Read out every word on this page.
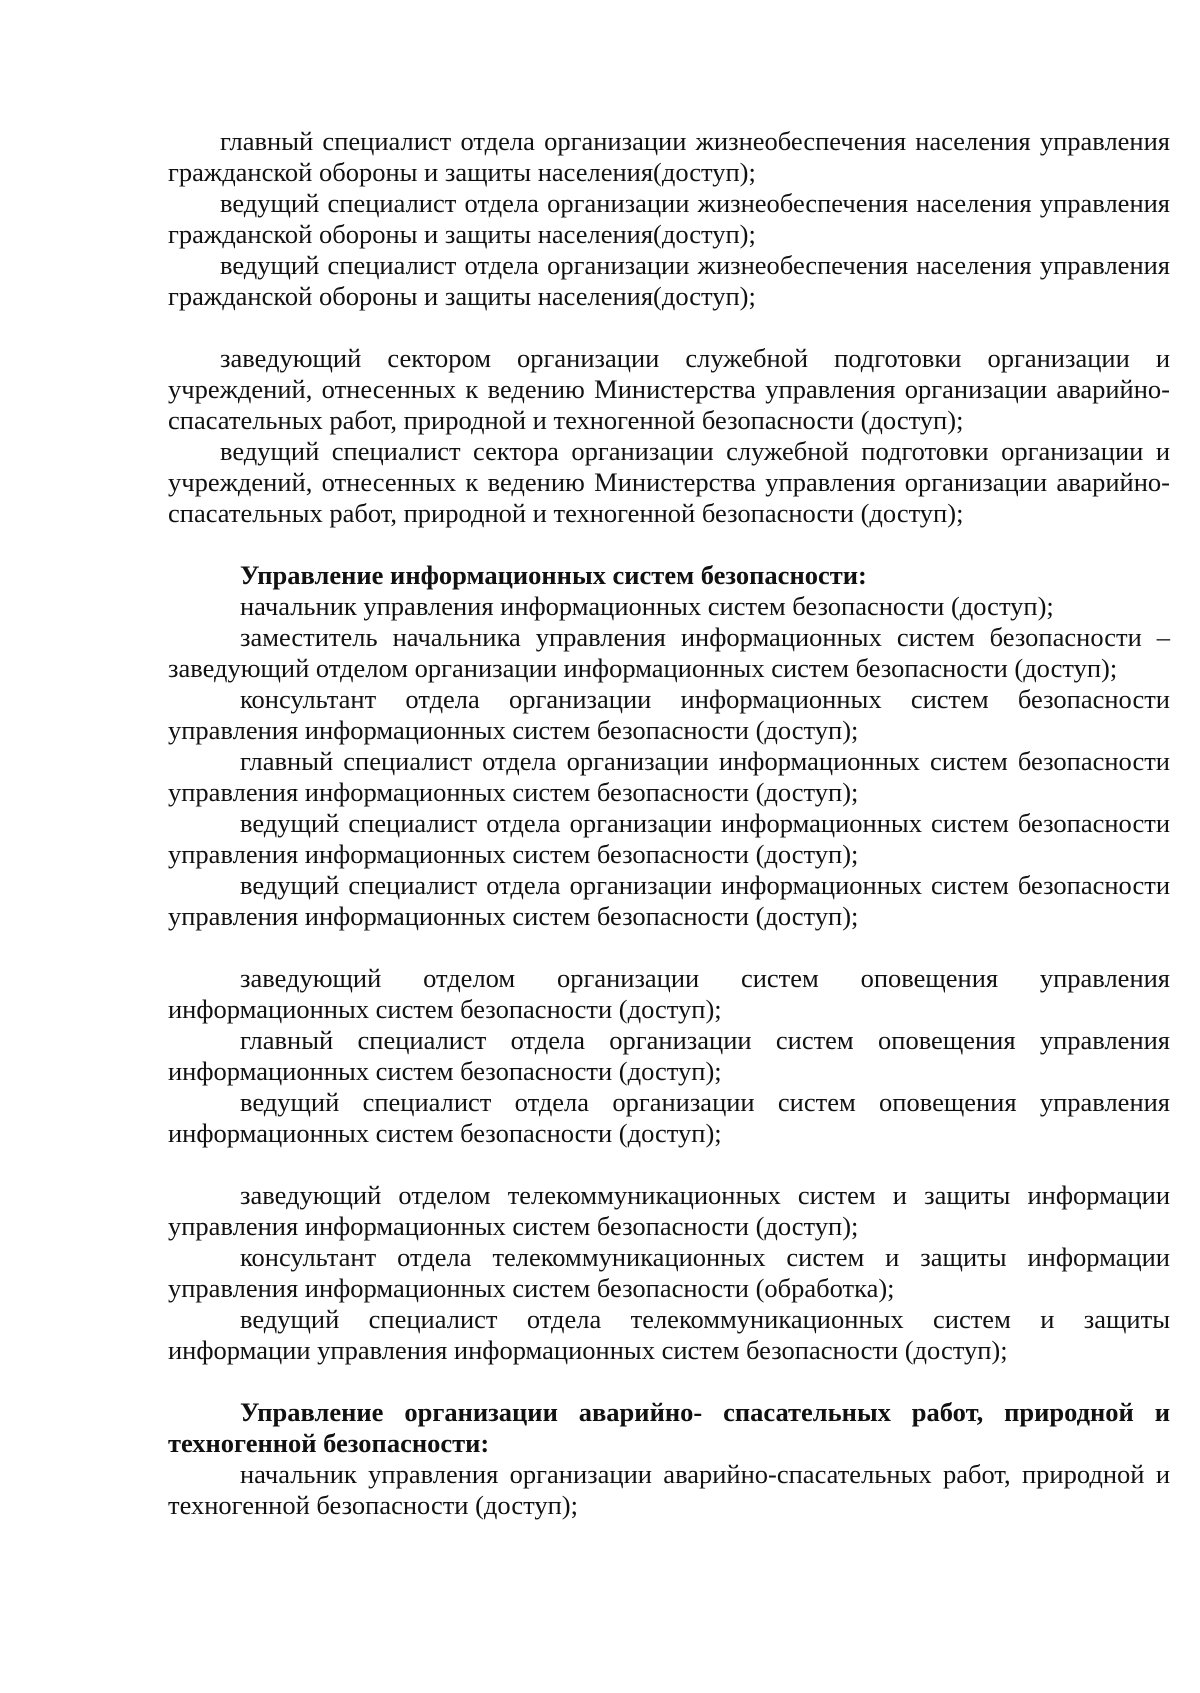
главный специалист отдела организации жизнеобеспечения населения управления гражданской обороны и защиты населения(доступ);

ведущий специалист отдела организации жизнеобеспечения населения управления гражданской обороны и защиты населения(доступ);

ведущий специалист отдела организации жизнеобеспечения населения управления гражданской обороны и защиты населения(доступ);

заведующий сектором организации служебной подготовки организации и учреждений, отнесенных к ведению Министерства управления организации аварийно-спасательных работ, природной и техногенной безопасности (доступ);

ведущий специалист сектора организации служебной подготовки организации и учреждений, отнесенных к ведению Министерства управления организации аварийно-спасательных работ, природной и техногенной безопасности (доступ);

Управление информационных систем безопасности:

начальник управления информационных систем безопасности (доступ);

заместитель начальника управления информационных систем безопасности – заведующий отделом организации информационных систем безопасности (доступ);

консультант отдела организации информационных систем безопасности управления информационных систем безопасности (доступ);

главный специалист отдела организации информационных систем безопасности управления информационных систем безопасности (доступ);

ведущий специалист отдела организации информационных систем безопасности управления информационных систем безопасности (доступ);

ведущий специалист отдела организации информационных систем безопасности управления информационных систем безопасности (доступ);

заведующий отделом организации систем оповещения управления информационных систем безопасности (доступ);

главный специалист отдела организации систем оповещения управления информационных систем безопасности (доступ);

ведущий специалист отдела организации систем оповещения управления информационных систем безопасности (доступ);

заведующий отделом телекоммуникационных систем и защиты информации управления информационных систем безопасности (доступ);

консультант отдела телекоммуникационных систем и защиты информации управления информационных систем безопасности (обработка);

ведущий специалист отдела телекоммуникационных систем и защиты информации управления информационных систем безопасности (доступ);

Управление организации аварийно- спасательных работ, природной и техногенной безопасности:

начальник управления организации аварийно-спасательных работ, природной и техногенной безопасности (доступ);
